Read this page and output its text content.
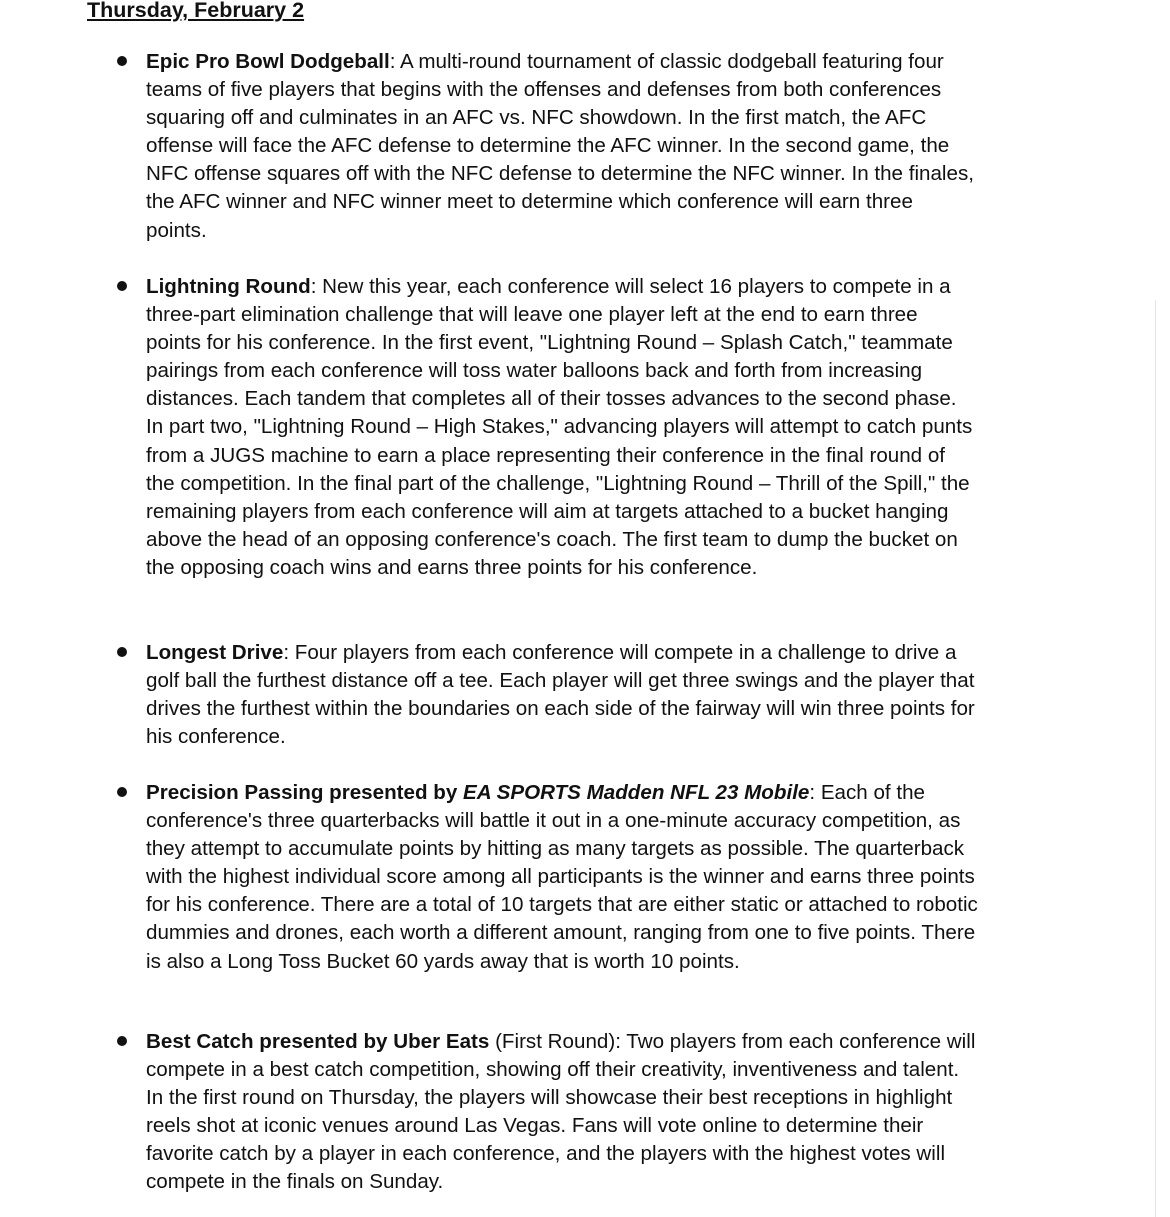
Thursday, February 2

Epic Pro Bowl Dodgeball: A multi-round tournament of classic dodgeball featuring four teams of five players that begins with the offenses and defenses from both conferences squaring off and culminates in an AFC vs. NFC showdown. In the first match, the AFC offense will face the AFC defense to determine the AFC winner. In the second game, the NFC offense squares off with the NFC defense to determine the NFC winner. In the finales, the AFC winner and NFC winner meet to determine which conference will earn three points.

Lightning Round: New this year, each conference will select 16 players to compete in a three-part elimination challenge that will leave one player left at the end to earn three points for his conference. In the first event, "Lightning Round – Splash Catch," teammate pairings from each conference will toss water balloons back and forth from increasing distances. Each tandem that completes all of their tosses advances to the second phase. In part two, "Lightning Round – High Stakes," advancing players will attempt to catch punts from a JUGS machine to earn a place representing their conference in the final round of the competition. In the final part of the challenge, "Lightning Round – Thrill of the Spill," the remaining players from each conference will aim at targets attached to a bucket hanging above the head of an opposing conference's coach. The first team to dump the bucket on the opposing coach wins and earns three points for his conference.

Longest Drive: Four players from each conference will compete in a challenge to drive a golf ball the furthest distance off a tee. Each player will get three swings and the player that drives the furthest within the boundaries on each side of the fairway will win three points for his conference.

Precision Passing presented by EA SPORTS Madden NFL 23 Mobile: Each of the conference's three quarterbacks will battle it out in a one-minute accuracy competition, as they attempt to accumulate points by hitting as many targets as possible. The quarterback with the highest individual score among all participants is the winner and earns three points for his conference. There are a total of 10 targets that are either static or attached to robotic dummies and drones, each worth a different amount, ranging from one to five points. There is also a Long Toss Bucket 60 yards away that is worth 10 points.

Best Catch presented by Uber Eats (First Round): Two players from each conference will compete in a best catch competition, showing off their creativity, inventiveness and talent. In the first round on Thursday, the players will showcase their best receptions in highlight reels shot at iconic venues around Las Vegas. Fans will vote online to determine their favorite catch by a player in each conference, and the players with the highest votes will compete in the finals on Sunday.
